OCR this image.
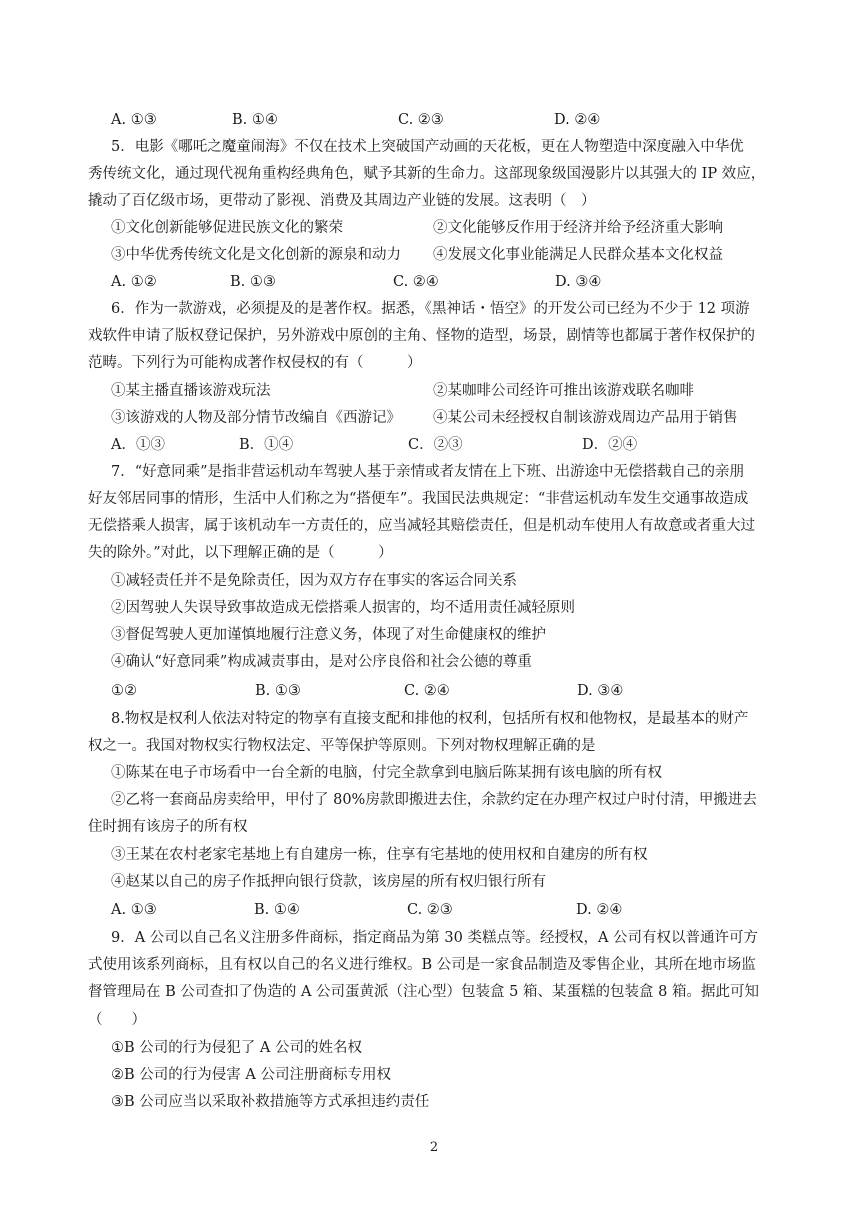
A. ①③	B. ①④	C. ②③	D. ②④
5．电影《哪吒之魔童闹海》不仅在技术上突破国产动画的天花板，更在人物塑造中深度融入中华优
秀传统文化，通过现代视角重构经典角色，赋予其新的生命力。这部现象级国漫影片以其强大的 IP 效应，
撬动了百亿级市场，更带动了影视、消费及其周边产业链的发展。这表明（　）
①文化创新能够促进民族文化的繁荣	②文化能够反作用于经济并给予经济重大影响
③中华优秀传统文化是文化创新的源泉和动力 ④发展文化事业能满足人民群众基本文化权益
A. ①②	B. ①③	C. ②④	D. ③④
6．作为一款游戏，必须提及的是著作权。据悉，《黑神话・悟空》的开发公司已经为不少于 12 项游
戏软件申请了版权登记保护，另外游戏中原创的主角、怪物的造型，场景，剧情等也都属于著作权保护的
范畴。下列行为可能构成著作权侵权的有（　　　）
①某主播直播该游戏玩法	②某咖啡公司经许可推出该游戏联名咖啡
③该游戏的人物及部分情节改编自《西游记》 ④某公司未经授权自制该游戏周边产品用于销售
A．①③	B．①④	C．②③	D．②④
7．“好意同乘”是指非营运机动车驾驶人基于亲情或者友情在上下班、出游途中无偿搭载自己的亲朋
好友邻居同事的情形，生活中人们称之为“搭便车”。我国民法典规定：“非营运机动车发生交通事故造成
无偿搭乘人损害，属于该机动车一方责任的，应当减轻其赔偿责任，但是机动车使用人有故意或者重大过
失的除外。”对此，以下理解正确的是（　　　）
①减轻责任并不是免除责任，因为双方存在事实的客运合同关系
②因驾驶人失误导致事故造成无偿搭乘人损害的，均不适用责任减轻原则
③督促驾驶人更加谨慎地履行注意义务，体现了对生命健康权的维护
④确认“好意同乘”构成减责事由，是对公序良俗和社会公德的尊重
①②	B. ①③	C. ②④	D. ③④
8.物权是权利人依法对特定的物享有直接支配和排他的权利，包括所有权和他物权，是最基本的财产
权之一。我国对物权实行物权法定、平等保护等原则。下列对物权理解正确的是
①陈某在电子市场看中一台全新的电脑，付完全款拿到电脑后陈某拥有该电脑的所有权
②乙将一套商品房卖给甲，甲付了 80%房款即搬进去住，余款约定在办理产权过户时付清，甲搬进去
住时拥有该房子的所有权
③王某在农村老家宅基地上有自建房一栋，住享有宅基地的使用权和自建房的所有权
④赵某以自己的房子作抵押向银行贷款，该房屋的所有权归银行所有
A. ①③	B. ①④	C. ②③	D. ②④
9．A 公司以自己名义注册多件商标，指定商品为第 30 类糕点等。经授权，A 公司有权以普通许可方
式使用该系列商标，且有权以自己的名义进行维权。B 公司是一家食品制造及零售企业，其所在地市场监
督管理局在 B 公司查扣了伪造的 A 公司蛋黄派（注心型）包装盒 5 箱、某蛋糕的包装盒 8 箱。据此可知
（　　）
①B 公司的行为侵犯了 A 公司的姓名权
②B 公司的行为侵害 A 公司注册商标专用权
③B 公司应当以采取补救措施等方式承担违约责任
2
